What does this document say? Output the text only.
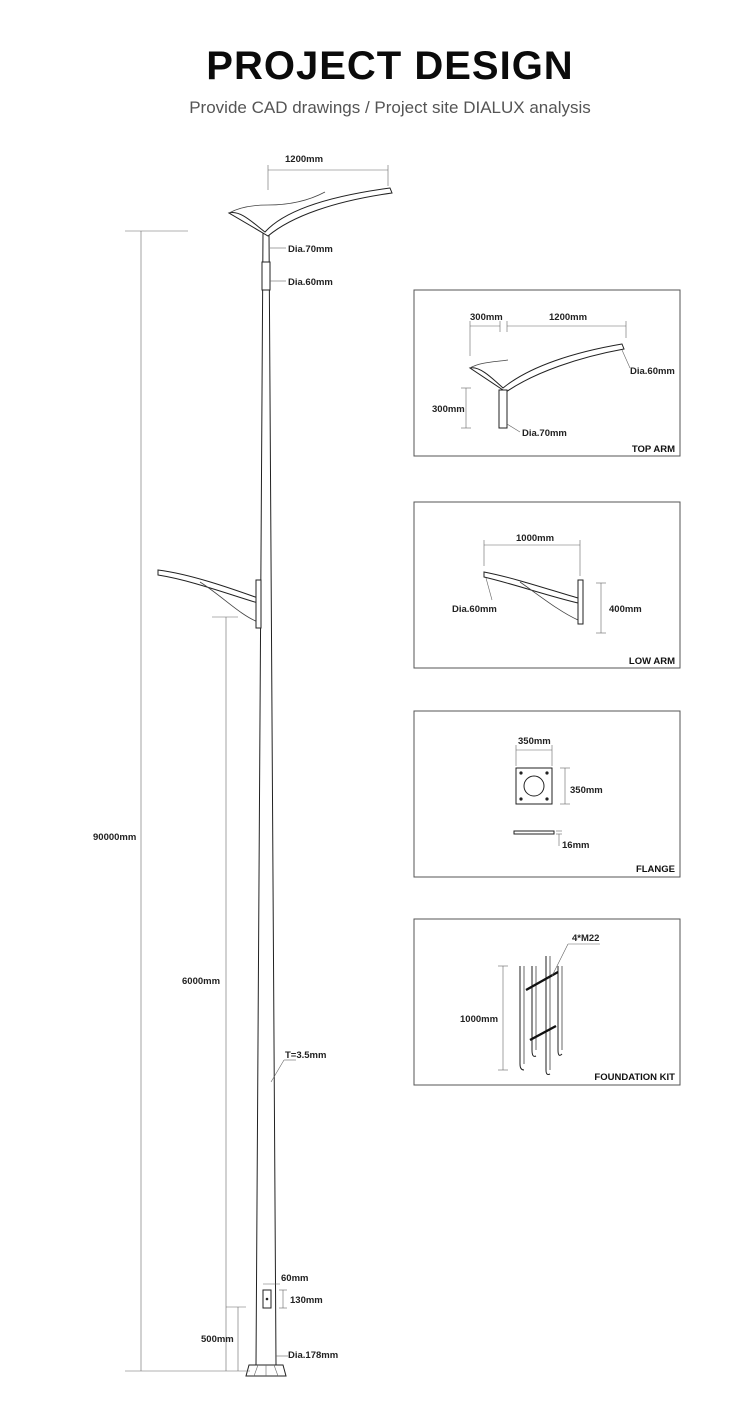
PROJECT DESIGN
Provide CAD drawings / Project site DIALUX analysis
1200mm
Dia.70mm
Dia.60mm
90000mm
6000mm
T=3.5mm
60mm
130mm
500mm
Dia.178mm
300mm	1200mm
300mm
Dia.60mm
Dia.70mm
TOP ARM
1000mm
400mm
Dia.60mm
LOW ARM
350mm
350mm
16mm
FLANGE
4*M22
1000mm
FOUNDATION KIT
